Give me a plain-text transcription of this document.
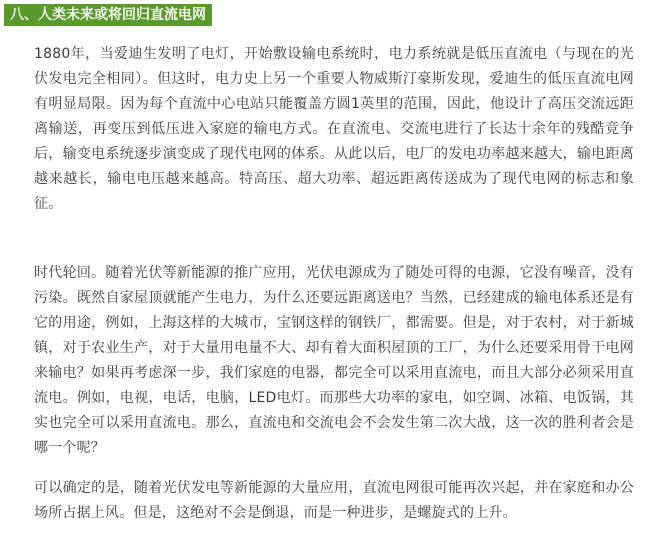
八、人类未来或将回归直流电网

1880年，当爱迪生发明了电灯，开始敷设输电系统时，电力系统就是低压直流电（与现在的光伏发电完全相同）。但这时，电力史上另一个重要人物威斯汀豪斯发现，爱迪生的低压直流电网有明显局限。因为每个直流中心电站只能覆盖方圆1英里的范围，因此，他设计了高压交流远距离输送，再变压到低压进入家庭的输电方式。在直流电、交流电进行了长达十余年的残酷竞争后，输变电系统逐步演变成了现代电网的体系。从此以后，电厂的发电功率越来越大，输电距离越来越长，输电电压越来越高。特高压、超大功率、超远距离传送成为了现代电网的标志和象征。

时代轮回。随着光伏等新能源的推广应用，光伏电源成为了随处可得的电源，它没有噪音，没有污染。既然自家屋顶就能产生电力，为什么还要远距离送电？当然，已经建成的输电体系还是有它的用途，例如，上海这样的大城市，宝钢这样的钢铁厂，都需要。但是，对于农村，对于新城镇，对于农业生产，对于大量用电量不大、却有着大面积屋顶的工厂，为什么还要采用骨干电网来输电？如果再考虑深一步，我们家庭的电器，都完全可以采用直流电，而且大部分必须采用直流电。例如，电视，电话，电脑，LED电灯。而那些大功率的家电，如空调、冰箱、电饭锅，其实也完全可以采用直流电。那么，直流电和交流电会不会发生第二次大战，这一次的胜利者会是哪一个呢？

可以确定的是，随着光伏发电等新能源的大量应用，直流电网很可能再次兴起，并在家庭和办公场所占据上风。但是，这绝对不会是倒退，而是一种进步，是螺旋式的上升。
